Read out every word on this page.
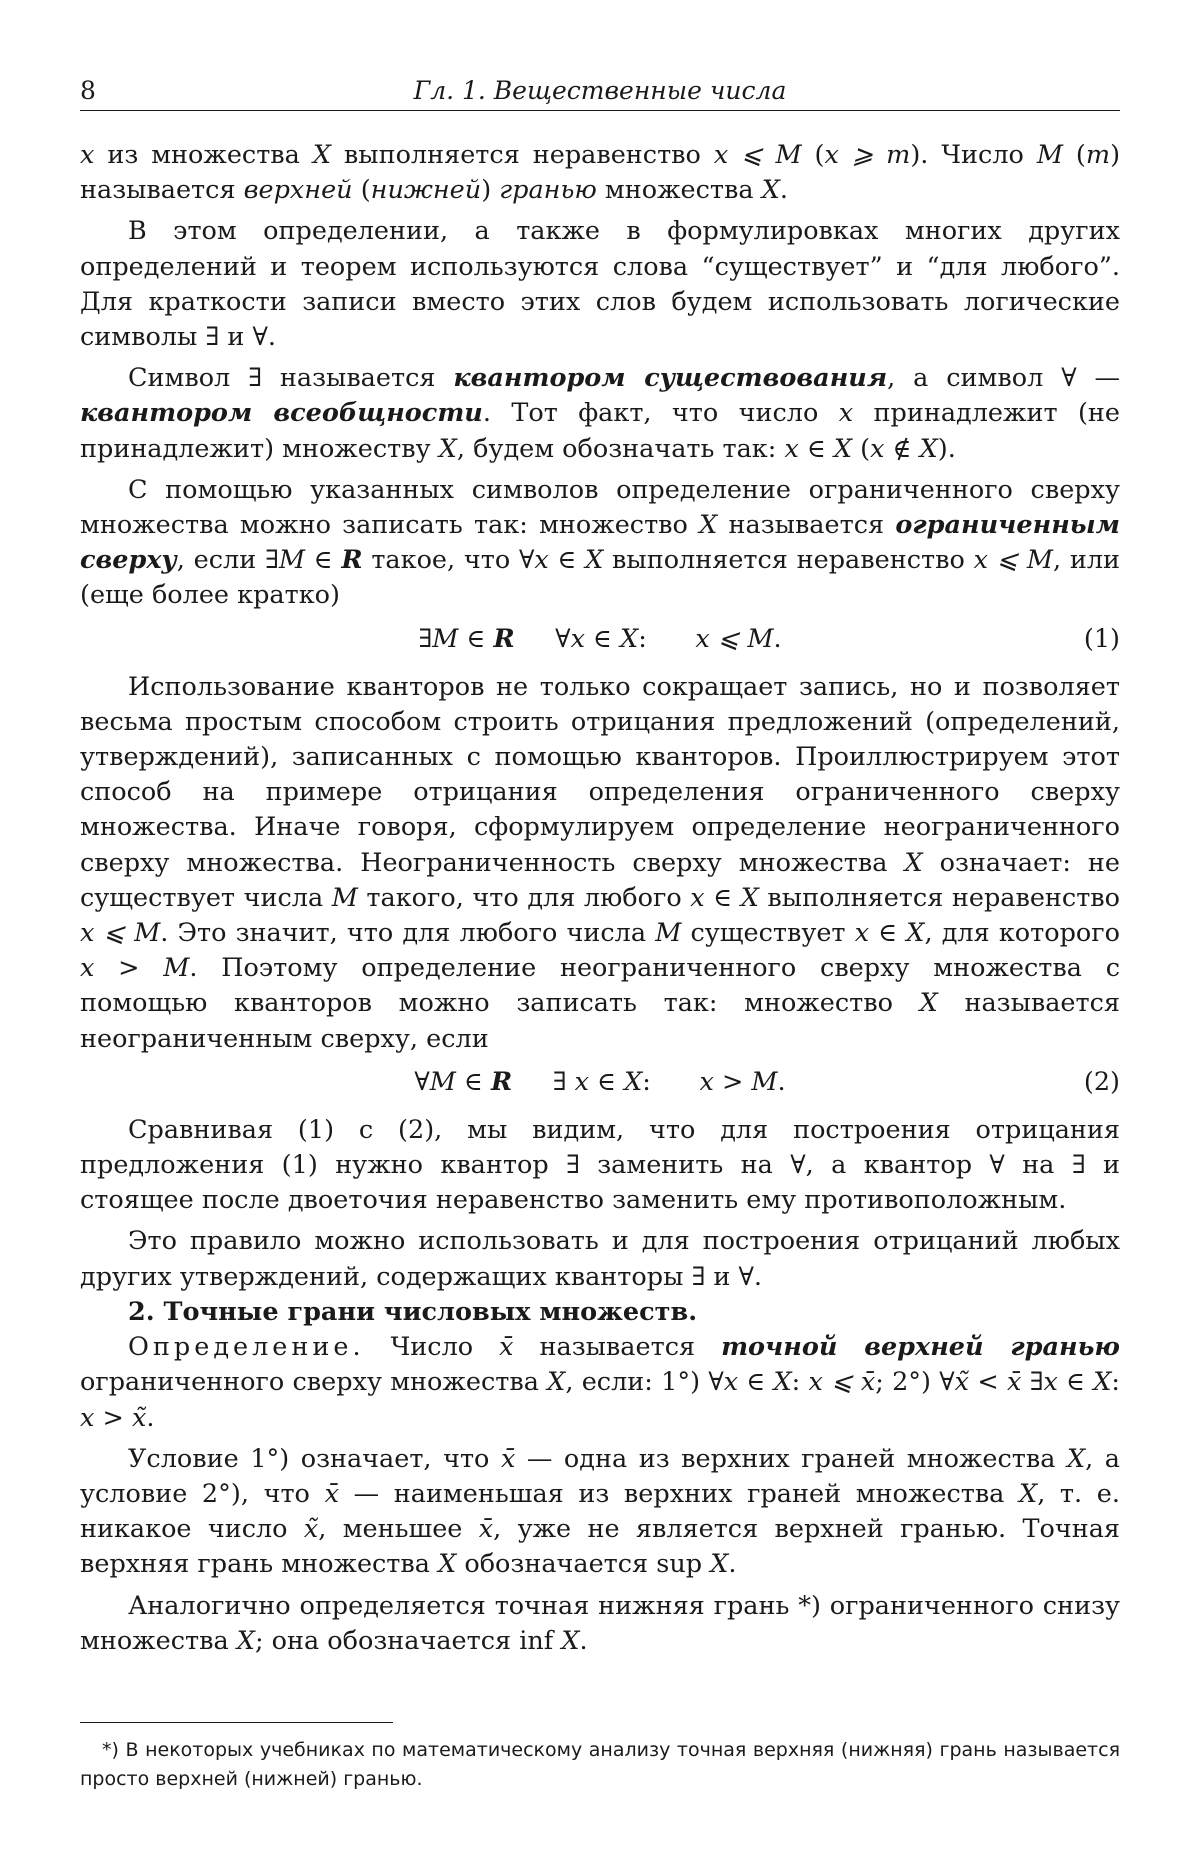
8	Гл. 1. Вещественные числа

x из множества X выполняется неравенство x ⩽ M (x ⩾ m). Число M (m) называется верхней (нижней) гранью множества X.

В этом определении, а также в формулировках многих других определений и теорем используются слова “существует” и “для любого”. Для краткости записи вместо этих слов будем использовать логические символы ∃ и ∀.

Символ ∃ называется квантором существования, а символ ∀ — квантором всеобщности. Тот факт, что число x принадлежит (не принадлежит) множеству X, будем обозначать так: x ∈ X (x ∉ X).

С помощью указанных символов определение ограниченного сверху множества можно записать так: множество X называется ограниченным сверху, если ∃M ∈ R такое, что ∀x ∈ X выполняется неравенство x ⩽ M, или (еще более кратко)

∃M ∈ R     ∀x ∈ X:      x ⩽ M.	(1)

Использование кванторов не только сокращает запись, но и позволяет весьма простым способом строить отрицания предложений (определений, утверждений), записанных с помощью кванторов. Проиллюстрируем этот способ на примере отрицания определения ограниченного сверху множества. Иначе говоря, сформулируем определение неограниченного сверху множества. Неограниченность сверху множества X означает: не существует числа M такого, что для любого x ∈ X выполняется неравенство x ⩽ M. Это значит, что для любого числа M существует x ∈ X, для которого x > M. Поэтому определение неограниченного сверху множества с помощью кванторов можно записать так: множество X называется неограниченным сверху, если

∀M ∈ R     ∃ x ∈ X:      x > M.	(2)

Сравнивая (1) с (2), мы видим, что для построения отрицания предложения (1) нужно квантор ∃ заменить на ∀, а квантор ∀ на ∃ и стоящее после двоеточия неравенство заменить ему противоположным.

Это правило можно использовать и для построения отрицаний любых других утверждений, содержащих кванторы ∃ и ∀.

2. Точные грани числовых множеств.

Определение. Число x̄ называется точной верхней гранью ограниченного сверху множества X, если: 1°) ∀x ∈ X: x ⩽ x̄; 2°) ∀x̃ < x̄ ∃x ∈ X: x > x̃.

Условие 1°) означает, что x̄ — одна из верхних граней множества X, а условие 2°), что x̄ — наименьшая из верхних граней множества X, т. е. никакое число x̃, меньшее x̄, уже не является верхней гранью. Точная верхняя грань множества X обозначается sup X.

Аналогично определяется точная нижняя грань *) ограниченного снизу множества X; она обозначается inf X.

*) В некоторых учебниках по математическому анализу точная верхняя (нижняя) грань называется просто верхней (нижней) гранью.
